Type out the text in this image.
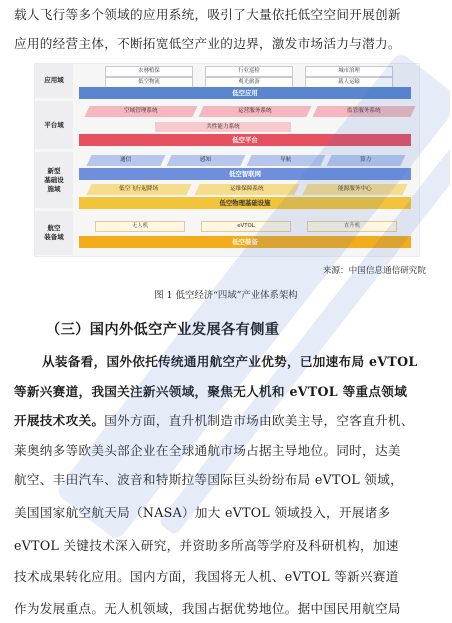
载人飞行等多个领域的应用系统，吸引了大量依托低空空间开展创新
应用的经营主体，不断拓宽低空产业的边界，激发市场活力与潜力。
应用域
平台域
新型
基础设
施域
航空
装备域
农林植保	行业巡检	城市治理
低空物流	观光旅游	载人运输
低空应用
空域管理系统	运营服务系统	监管服务系统
共性能力系统
低空平台
通信	感知	导航	算力
低空智联网
低空飞行起降场	运维保障系统	能源服务中心
低空物理基础设施
无人机	eVTOL	直升机
低空装备
来源：中国信息通信研究院
图 1 低空经济“四域”产业体系架构
（三）国内外低空产业发展各有侧重
从装备看，国外依托传统通用航空产业优势，已加速布局 eVTOL
等新兴赛道，我国关注新兴领域，聚焦无人机和 eVTOL 等重点领域
开展技术攻关。国外方面，直升机制造市场由欧美主导，空客直升机、
莱奥纳多等欧美头部企业在全球通航市场占据主导地位。同时，达美
航空、丰田汽车、波音和特斯拉等国际巨头纷纷布局 eVTOL 领域，
美国国家航空航天局（NASA）加大 eVTOL 领域投入，开展诸多
eVTOL 关键技术深入研究，并资助多所高等学府及科研机构，加速
技术成果转化应用。国内方面，我国将无人机、eVTOL 等新兴赛道
作为发展重点。无人机领域，我国占据优势地位。据中国民用航空局
